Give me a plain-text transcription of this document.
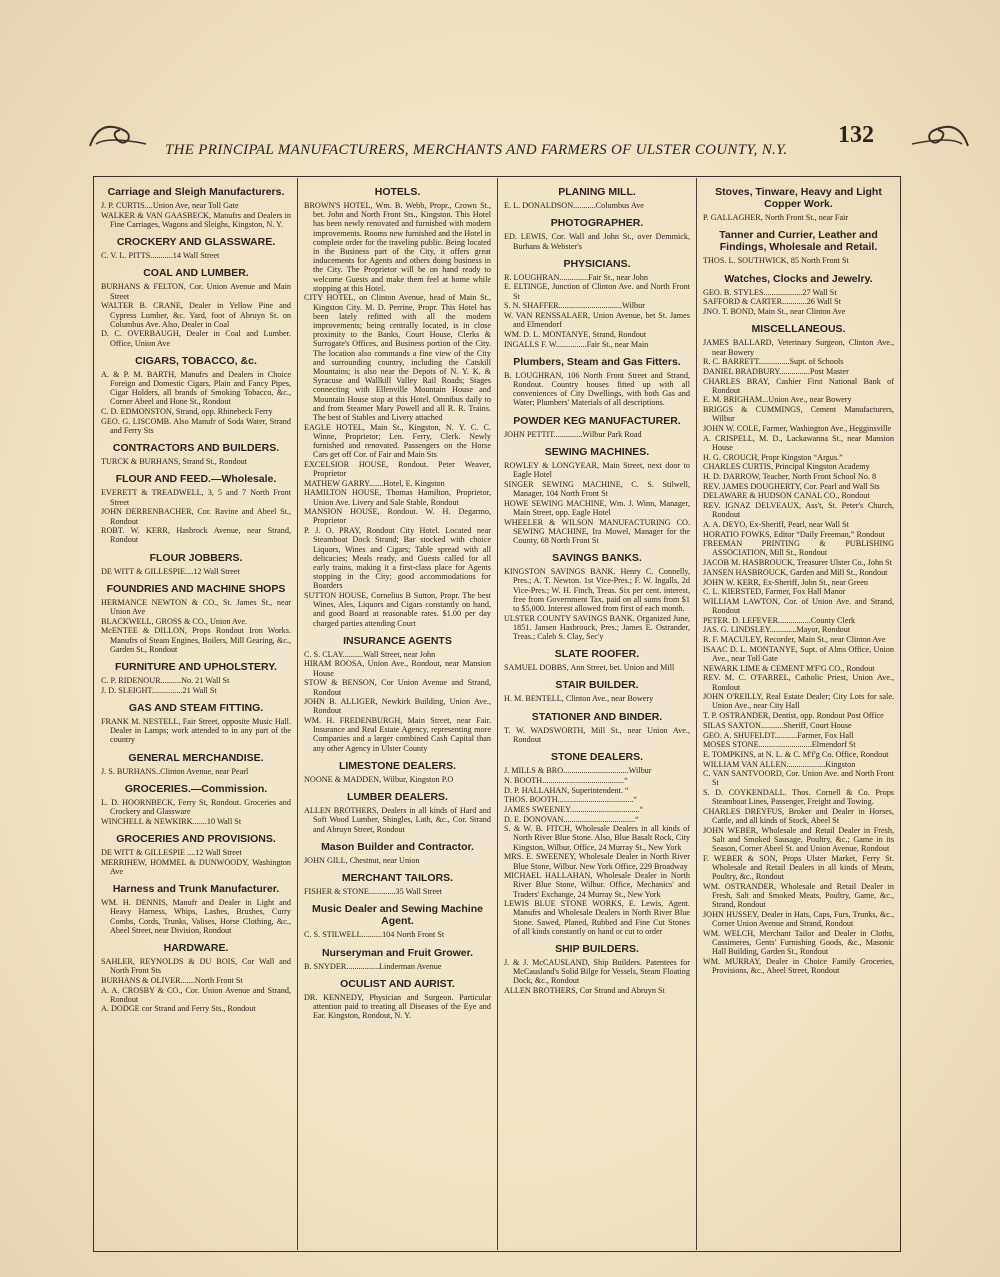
132
THE PRINCIPAL MANUFACTURERS, MERCHANTS AND FARMERS OF ULSTER COUNTY, N.Y.
Carriage and Sleigh Manufacturers.
J. P. CURTIS....Union Ave, near Toll Gate
WALKER & VAN GAASBECK, Manufrs and Dealers in Fine Carriages, Wagons and Sleighs, Kingston, N. Y.
CROCKERY AND GLASSWARE.
C. V. L. PITTS...........14 Wall Street
COAL AND LUMBER.
BURHANS & FELTON, Cor. Union Avenue and Main Street
WALTER B. CRANE, Dealer in Yellow Pine and Cypress Lumber, &c. Yard, foot of Abruyn St. on Columbus Ave. Also, Dealer in Coal
D. C. OVERBAUGH, Dealer in Coal and Lumber. Office, Union Ave
CIGARS, TOBACCO, &c.
A. & P. M. BARTH, Manufrs and Dealers in Choice Foreign and Domestic Cigars, Plain and Fancy Pipes, Cigar Holders, all brands of Smoking Tobacco, &c., Corner Abeel and Hone St., Rondout
C. D. EDMONSTON, Strand, opp. Rhinebeck Ferry
GEO. G. LISCOMB. Also Manufr of Soda Water, Strand and Ferry Sts
CONTRACTORS AND BUILDERS.
TURCK & BURHANS, Strand St., Rondout
FLOUR AND FEED.—Wholesale.
EVERETT & TREADWELL, 3, 5 and 7 North Front Street
JOHN DERRENBACHER, Cor. Ravine and Abeel St., Rondout
ROBT. W. KERR, Hasbrock Avenue, near Strand, Rondout
FLOUR JOBBERS.
DE WITT & GILLESPIE....12 Wall Street
FOUNDRIES AND MACHINE SHOPS
HERMANCE NEWTON & CO., St. James St., near Union Ave
BLACKWELL, GROSS & CO., Union Ave.
McENTEE & DILLON, Props Rondout Iron Works. Manufrs of Steam Engines, Boilers, Mill Gearing, &c., Garden St., Rondout
FURNITURE AND UPHOLSTERY.
C. P. RIDENOUR..........No. 21 Wall St
J. D. SLEIGHT...............21 Wall St
GAS AND STEAM FITTING.
FRANK M. NESTELL, Fair Street, opposite Music Hall. Dealer in Lamps; work attended to in any part of the country
GENERAL MERCHANDISE.
J. S. BURHANS..Clinton Avenue, near Pearl
GROCERIES.—Commission.
L. D. HOORNBECK, Ferry St, Rondout. Groceries and Crockery and Glassware
WINCHELL & NEWKIRK.......10 Wall St
GROCERIES AND PROVISIONS.
DE WITT & GILLESPIE ....12 Wall Street
MERRIHEW, HOMMEL & DUNWOODY, Washington Ave
Harness and Trunk Manufacturer.
WM. H. DENNIS, Manufr and Dealer in Light and Heavy Harness, Whips, Lashes, Brushes, Curry Combs, Cords, Trunks, Valises, Horse Clothing, &c., Abeel Street, near Division, Rondout
HARDWARE.
SAHLER, REYNOLDS & DU BOIS, Cor Wall and North Front Sts
BURHANS & OLIVER.......North Front St
A. A. CROSBY & CO., Cor. Union Avenue and Strand, Rondout
A. DODGE cor Strand and Ferry Sts., Rondout
HOTELS.
BROWN'S HOTEL, Wm. B. Webb, Propr., Crown St., bet. John and North Front Sts., Kingston. This Hotel has been newly renovated and furnished with modern improvements. Rooms new furnished and the Hotel in complete order for the traveling public. Being located in the Business part of the City, it offers great inducements for Agents and others doing business in the City. The Proprietor will be on hand ready to welcome Guests and make them feel at home while stopping at this Hotel.
CITY HOTEL, on Clinton Avenue, head of Main St., Kingston City. M. D. Perrine, Propr. This Hotel has been lately refitted with all the modern improvements; being centrally located, is in close proximity to the Banks, Court House, Clerks & Surrogate's Offices, and Business portion of the City. The location also commands a fine view of the City and surrounding country, including the Catskill Mountains; is also near the Depots of N. Y. K. & Syracuse and Wallkill Valley Rail Roads; Stages connecting with Ellenville Mountain House and Mountain House stop at this Hotel. Omnibus daily to and from Steamer Mary Powell and all R. R. Trains. The best of Stables and Livery attached
EAGLE HOTEL, Main St., Kingston, N. Y. C. C. Winne, Proprietor; Len. Ferry, Clerk. Newly furnished and renovated. Passengers on the Horse Cars get off Cor. of Fair and Main Sts
EXCELSIOR HOUSE, Rondout. Peter Weaver, Proprietor
MATHEW GARRY.......Hotel, E. Kingston
HAMILTON HOUSE, Thomas Hamilton, Proprietor, Union Ave. Livery and Sale Stable, Rondout
MANSION HOUSE, Rondout. W. H. Degarmo, Proprietor
P. J. O. PRAY, Rondout City Hotel. Located near Steamboat Dock Strand; Bar stocked with choice Liquors, Wines and Cigars; Table spread with all delicacies; Meals ready, and Guests called for all early trains, making it a first-class place for Agents stopping in the City; good accommodations for Boarders
SUTTON HOUSE, Cornelius B Sutton, Propr. The best Wines, Ales, Liquors and Cigars constantly on hand, and good Board at reasonable rates. $1.00 per day charged parties attending Court
INSURANCE AGENTS
C. S. CLAY..........Wall Street, near John
HIRAM ROOSA, Union Ave., Rondout, near Mansion House
STOW & BENSON, Cor Union Avenue and Strand, Rondout
JOHN B. ALLIGER, Newkirk Building, Union Ave., Rondout
WM. H. FREDENBURGH, Main Street, near Fair. Insurance and Real Estate Agency, representing more Companies and a larger combined Cash Capital than any other Agency in Ulster County
LIMESTONE DEALERS.
NOONE & MADDEN, Wilbur, Kingston P.O
LUMBER DEALERS.
ALLEN BROTHERS, Dealers in all kinds of Hard and Soft Wood Lumber, Shingles, Lath, &c., Cor. Strand and Abruyn Street, Rondout
Mason Builder and Contractor.
JOHN GILL, Chestnut, near Union
MERCHANT TAILORS.
FISHER & STONE.............35 Wall Street
Music Dealer and Sewing Machine Agent.
C. S. STILWELL..........104 North Front St
Nurseryman and Fruit Grower.
B. SNYDER................Linderman Avenue
OCULIST AND AURIST.
DR. KENNEDY, Physician and Surgeon. Particular attention paid to treating all Diseases of the Eye and Ear. Kingston, Rondout, N. Y.
PLANING MILL.
E. L. DONALDSON...........Columbus Ave
PHOTOGRAPHER.
ED. LEWIS, Cor. Wall and John St., over Demmick, Burhans & Webster's
PHYSICIANS.
R. LOUGHRAN..............Fair St., near John
E. ELTINGE, Junction of Clinton Ave. and North Front St
S. N. SHAFFER...............................Wilbur
W. VAN RENSSALAER, Union Avenue, bet St. James and Elmendorf
WM. D. L. MONTANYE, Strand, Rondout
INGALLS F. W...............Fair St., near Main
Plumbers, Steam and Gas Fitters.
B. LOUGHRAN, 106 North Front Street and Strand, Rondout. Country houses fitted up with all conveniences of City Dwellings, with both Gas and Water; Plumbers' Materials of all descriptions.
POWDER KEG MANUFACTURER.
JOHN PETTIT..............Wilbur Park Road
SEWING MACHINES.
ROWLEY & LONGYEAR, Main Street, next door to Eagle Hotel
SINGER SEWING MACHINE, C. S. Stilwell, Manager, 104 North Front St
HOWE SEWING MACHINE, Wm. J. Winn, Manager, Main Street, opp. Eagle Hotel
WHEELER & WILSON MANUFACTURING CO. SEWING MACHINE, Ira Mowel, Manager for the County, 68 North Front St
SAVINGS BANKS.
KINGSTON SAVINGS BANK. Henry C. Connelly, Pres.; A. T. Newton. 1st Vice-Pres.; F. W. Ingalls, 2d Vice-Pres.; W. H. Finch, Treas. Six per cent. interest, free from Government Tax, paid on all sums from $1 to $5,000. Interest allowed from first of each month.
ULSTER COUNTY SAVINGS BANK. Organized June, 1851. Jansen Hasbrouck, Pres.; James E. Ostrander, Treas.; Caleb S. Clay, Sec'y
SLATE ROOFER.
SAMUEL DOBBS, Ann Street, bet. Union and Mill
STAIR BUILDER.
H. M. BENTELL, Clinton Ave., near Bowery
STATIONER AND BINDER.
T. W. WADSWORTH, Mill St., near Union Ave., Rondout
STONE DEALERS.
J. MILLS & BRO................................Wilbur
N. BOOTH........................................“
D. P. HALLAHAN, Superintendent. “
THOS. BOOTH.....................................“
JAMES SWEENEY..................................“
D. E. DONOVAN...................................“
S. & W. B. FITCH, Wholesale Dealers in all kinds of North River Blue Stone. Also, Blue Basalt Rock, City Kingston, Wilbur. Office, 24 Murray St., New York
MRS. E. SWEENEY, Wholesale Dealer in North River Blue Stone, Wilbur. New York Office, 229 Broadway
MICHAEL HALLAHAN, Wholesale Dealer in North River Blue Stone, Wilbur. Office, Mechanics' and Traders' Exchange, 24 Murray St., New York
LEWIS BLUE STONE WORKS, E. Lewis, Agent. Manufrs and Wholesale Dealers in North River Blue Stone. Sawed, Planed, Rubbed and Fine Cut Stones of all kinds constantly on hand or cut to order
SHIP BUILDERS.
J. & J. McCAUSLAND, Ship Builders. Patentees for McCausland's Solid Bilge for Vessels, Steam Floating Dock, &c., Rondout
ALLEN BROTHERS, Cor Strand and Abruyn St
Stoves, Tinware, Heavy and Light Copper Work.
P. GALLAGHER, North Front St., near Fair
Tanner and Currier, Leather and Findings, Wholesale and Retail.
THOS. L. SOUTHWICK, 85 North Front St
Watches, Clocks and Jewelry.
GEO. B. STYLES...................27 Wall St
SAFFORD & CARTER............26 Wall St
JNO. T. BOND, Main St., near Clinton Ave
MISCELLANEOUS.
JAMES BALLARD, Veterinary Surgeon, Clinton Ave., near Bowery
R. C. BARRETT...............Supt. of Schools
DANIEL BRADBURY...............Post Master
CHARLES BRAY, Cashier First National Bank of Rondout
E. M. BRIGHAM...Union Ave., near Bowery
BRIGGS & CUMMINGS, Cement Manufacturers, Wilbur
JOHN W. COLE, Farmer, Washington Ave., Hegginsville
A. CRISPELL, M. D., Lackawanna St., near Mansion House
H. G. CROUCH, Propr Kingston “Argus.”
CHARLES CURTIS, Principal Kingston Academy
H. D. DARROW, Teacher, North Front School No. 8
REV. JAMES DOUGHERTY, Cor. Pearl and Wall Sts
DELAWARE & HUDSON CANAL CO., Rondout
REV. IGNAZ DELVEAUX, Ass't, St. Peter's Church, Rondout
A. A. DEYO, Ex-Sheriff, Pearl, near Wall St
HORATIO FOWKS, Editor “Daily Freeman,” Rondout
FREEMAN PRINTING & PUBLISHING ASSOCIATION, Mill St., Rondout
JACOB M. HASBROUCK, Treasurer Ulster Co., John St
JANSEN HASBROUCK, Garden and Mill St., Rondout
JOHN W. KERR, Ex-Sheriff, John St., near Green
C. L. KIERSTED, Farmer, Fox Hall Manor
WILLIAM LAWTON, Cor. of Union Ave. and Strand, Rondout
PETER. D. LEFEVER................County Clerk
JAS. G. LINDSLEY.............Mayor, Rondout
R. F. MACULEY, Recorder, Main St., near Clinton Ave
ISAAC D. L. MONTANYE, Supt. of Alms Office, Union Ave., near Toll Gate
NEWARK LIME & CEMENT M'F'G CO., Rondout
REV. M. C. O'FARREL, Catholic Priest, Union Ave., Rondout
JOHN O'REILLY, Real Estate Dealer; City Lots for sale. Union Ave., near City Hall
T. P. OSTRANDER, Dentist, opp. Rondout Post Office
SILAS SAXTON...........Sheriff, Court House
GEO. A. SHUFELDT...........Farmer, Fox Hall
MOSES STONE..........................Elmendorf St
E. TOMPKINS, at N. L. & C. M'f'g Co. Office, Rondout
WILLIAM VAN ALLEN...................Kingston
C. VAN SANTVOORD, Cor. Union Ave. and North Front St
S. D. COYKENDALL. Thos. Cornell & Co. Props Steamboat Lines, Passenger, Freight and Towing.
CHARLES DREYFUS, Broker and Dealer in Horses, Cattle, and all kinds of Stock, Abeel St
JOHN WEBER, Wholesale and Retail Dealer in Fresh, Salt and Smoked Sausage, Poultry, &c.; Game in its Season, Corner Abeel St. and Union Avenue, Rondout
F. WEBER & SON, Props Ulster Market, Ferry St. Wholesale and Retail Dealers in all kinds of Meats, Poultry, &c., Rondout
WM. OSTRANDER, Wholesale and Retail Dealer in Fresh, Salt and Smoked Meats, Poultry, Game, &c., Strand, Rondout
JOHN HUSSEY, Dealer in Hats, Caps, Furs, Trunks, &c., Corner Union Avenue and Strand, Rondout
WM. WELCH, Merchant Tailor and Dealer in Cloths, Cassimeres, Gents' Furnishing Goods, &c., Masonic Hall Building, Garden St., Rondout
WM. MURRAY, Dealer in Choice Family Groceries, Provisions, &c., Abeel Street, Rondout
